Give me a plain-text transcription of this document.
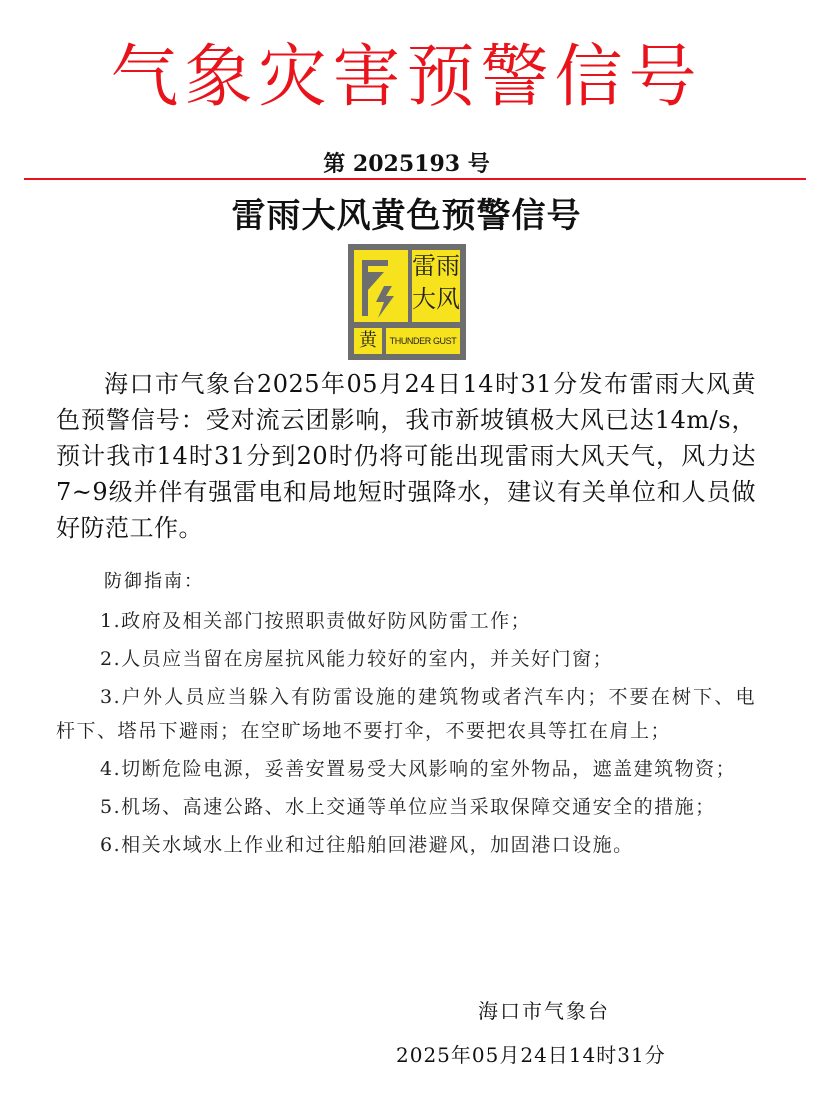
气象灾害预警信号
第 2025193 号
雷雨大风黄色预警信号
雷雨
大风
黄	THUNDER GUST
海口市气象台2025年05月24日14时31分发布雷雨大风黄色预警信号：受对流云团影响，我市新坡镇极大风已达14m/s，预计我市14时31分到20时仍将可能出现雷雨大风天气，风力达7~9级并伴有强雷电和局地短时强降水，建议有关单位和人员做好防范工作。
防御指南：
1.政府及相关部门按照职责做好防风防雷工作；
2.人员应当留在房屋抗风能力较好的室内，并关好门窗；
3.户外人员应当躲入有防雷设施的建筑物或者汽车内；不要在树下、电杆下、塔吊下避雨；在空旷场地不要打伞，不要把农具等扛在肩上；
4.切断危险电源，妥善安置易受大风影响的室外物品，遮盖建筑物资；
5.机场、高速公路、水上交通等单位应当采取保障交通安全的措施；
6.相关水域水上作业和过往船舶回港避风，加固港口设施。
海口市气象台
2025年05月24日14时31分
